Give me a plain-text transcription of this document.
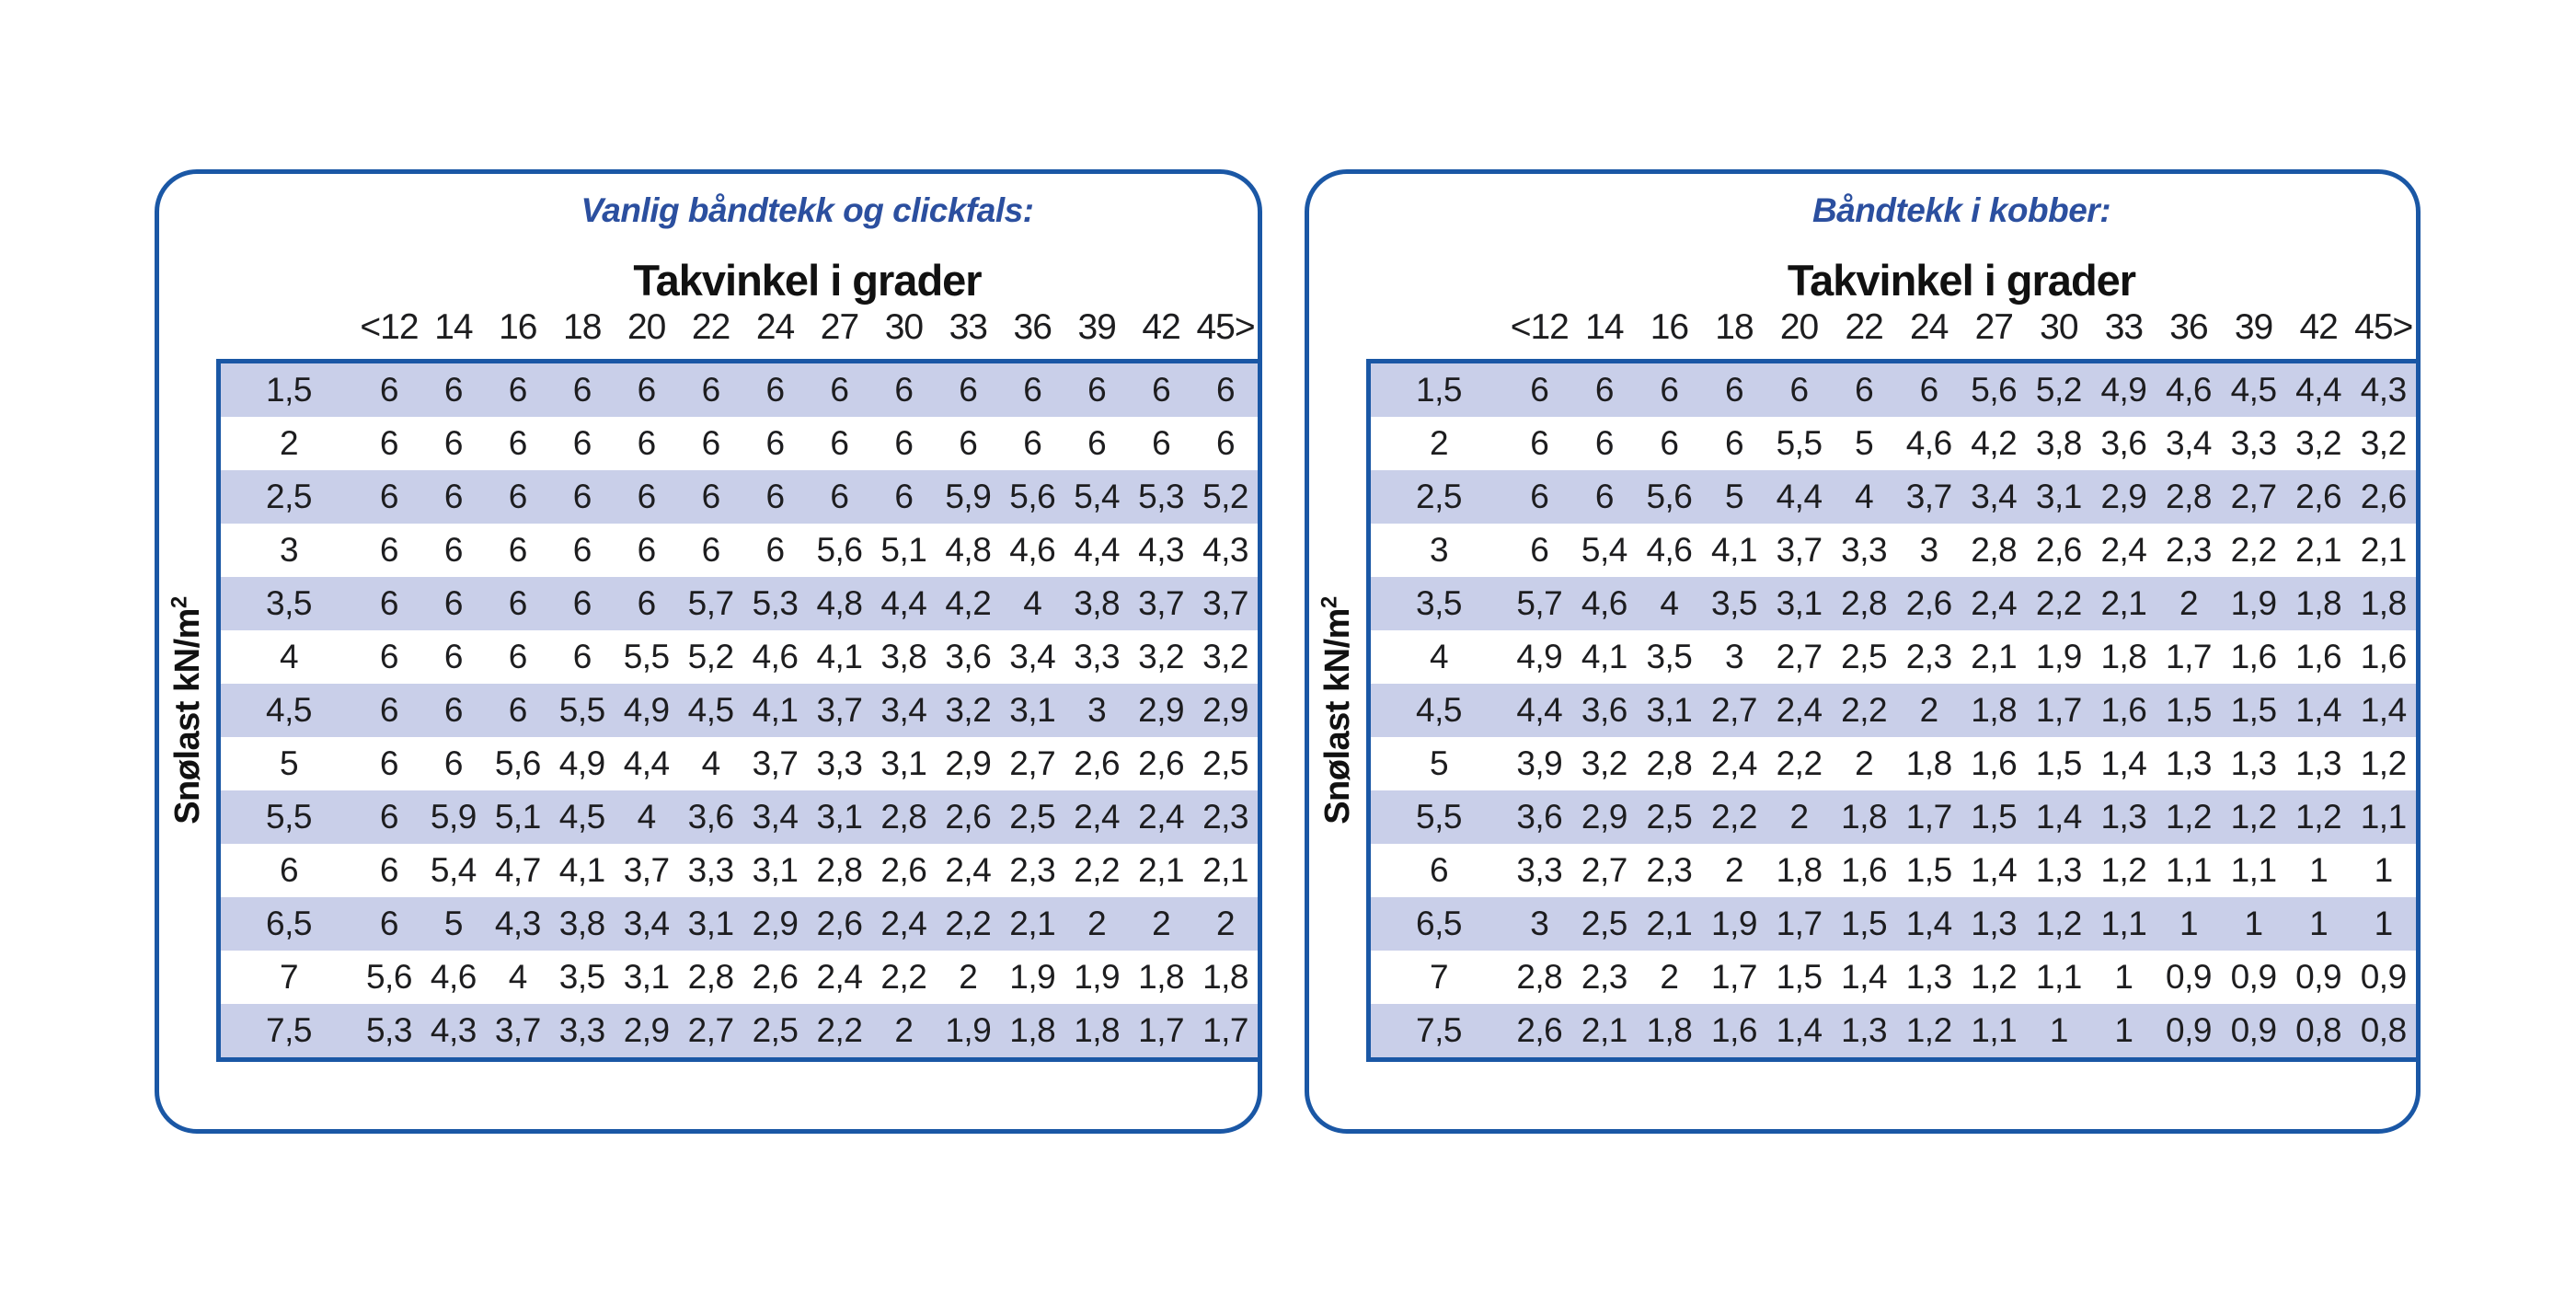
Vanlig båndtekk og clickfals:
Takvinkel i grader
<12 14 16 18 20 22 24 27 30 33 36 39 42 45>
1,5	6	6	6	6	6	6	6	6	6	6	6	6	6	6
2	6	6	6	6	6	6	6	6	6	6	6	6	6	6
2,5	6	6	6	6	6	6	6	6	6 5,9 5,6 5,4 5,3 5,2
3	6	6	6	6	6	6	6 5,6 5,1 4,8 4,6 4,4 4,3 4,3
3,5	6	6	6	6	6 5,7 5,3 4,8 4,4 4,2 4 3,8 3,7 3,7
4	6	6	6	6 5,5 5,2 4,6 4,1 3,8 3,6 3,4 3,3 3,2 3,2
4,5	6	6	6 5,5 4,9 4,5 4,1 3,7 3,4 3,2 3,1 3 2,9 2,9
5	6	6 5,6 4,9 4,4 4 3,7 3,3 3,1 2,9 2,7 2,6 2,6 2,5
5,5	6 5,9 5,1 4,5 4 3,6 3,4 3,1 2,8 2,6 2,5 2,4 2,4 2,3
6	6 5,4 4,7 4,1 3,7 3,3 3,1 2,8 2,6 2,4 2,3 2,2 2,1 2,1
6,5	6	5 4,3 3,8 3,4 3,1 2,9 2,6 2,4 2,2 2,1 2	2	2
7	5,6 4,6 4 3,5 3,1 2,8 2,6 2,4 2,2 2 1,9 1,9 1,8 1,8
7,5	5,3 4,3 3,7 3,3 2,9 2,7 2,5 2,2 2 1,9 1,8 1,8 1,7 1,7
Snølast $kN/m^2$
Båndtekk i kobber:
Takvinkel i grader
<12 14 16 18 20 22 24 27 30 33 36 39 42 45>
1,5	6	6	6	6	6	6	6 5,6 5,2 4,9 4,6 4,5 4,4 4,3
2	6	6	6	6 5,5 5 4,6 4,2 3,8 3,6 3,4 3,3 3,2 3,2
2,5	6	6 5,6 5 4,4 4 3,7 3,4 3,1 2,9 2,8 2,7 2,6 2,6
3	6 5,4 4,6 4,1 3,7 3,3 3 2,8 2,6 2,4 2,3 2,2 2,1 2,1
3,5	5,7 4,6 4 3,5 3,1 2,8 2,6 2,4 2,2 2,1 2 1,9 1,8 1,8
4	4,9 4,1 3,5 3 2,7 2,5 2,3 2,1 1,9 1,8 1,7 1,6 1,6 1,6
4,5	4,4 3,6 3,1 2,7 2,4 2,2 2 1,8 1,7 1,6 1,5 1,5 1,4 1,4
5	3,9 3,2 2,8 2,4 2,2 2 1,8 1,6 1,5 1,4 1,3 1,3 1,3 1,2
5,5	3,6 2,9 2,5 2,2 2 1,8 1,7 1,5 1,4 1,3 1,2 1,2 1,2 1,1
6	3,3 2,7 2,3 2 1,8 1,6 1,5 1,4 1,3 1,2 1,1 1,1 1	1
6,5	3 2,5 2,1 1,9 1,7 1,5 1,4 1,3 1,2 1,1 1	1	1	1
7	2,8 2,3 2 1,7 1,5 1,4 1,3 1,2 1,1 1 0,9 0,9 0,9 0,9
7,5	2,6 2,1 1,8 1,6 1,4 1,3 1,2 1,1 1	1 0,9 0,9 0,8 0,8
Snølast $kN/m^2$
